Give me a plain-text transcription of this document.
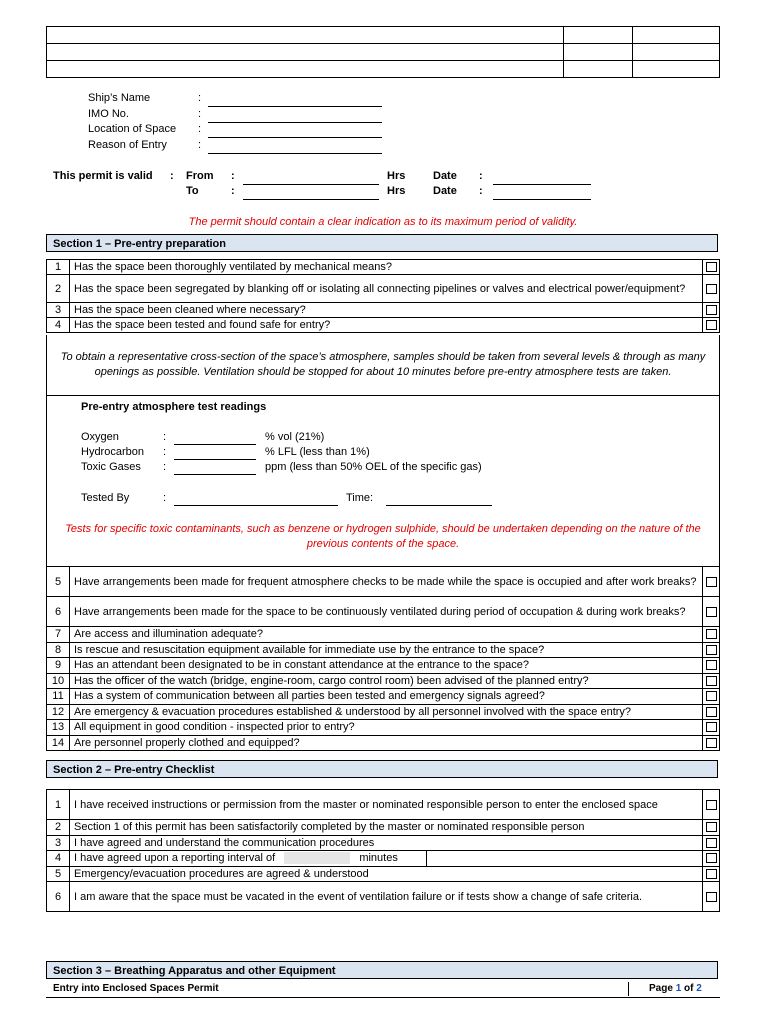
Ship’s Name	:
IMO No.	:
Location of Space :
Reason of Entry	:
This permit is valid : From :	Hrs	Date :
To	:	Hrs	Date :
The permit should contain a clear indication as to its maximum period of validity.
Section 1 – Pre-entry preparation
1	Has the space been thoroughly ventilated by mechanical means?	
2	Has the space been segregated by blanking off or isolating all connecting pipelines or valves and electrical power/equipment?	
3	Has the space been cleaned where necessary?	
4	Has the space been tested and found safe for entry?	
To obtain a representative cross-section of the space’s atmosphere, samples should be taken from several levels & through as many openings as possible. Ventilation should be stopped for about 10 minutes before pre-entry atmosphere tests are taken.
Pre-entry atmosphere test readings
Oxygen	:	% vol (21%)
Hydrocarbon :	% LFL (less than 1%)
Toxic Gases :	ppm (less than 50% OEL of the specific gas)
Tested By	:	Time:
Tests for specific toxic contaminants, such as benzene or hydrogen sulphide, should be undertaken depending on the nature of the previous contents of the space.
5	Have arrangements been made for frequent atmosphere checks to be made while the space is occupied and after work breaks?	
6	Have arrangements been made for the space to be continuously ventilated during period of occupation & during work breaks?	
7	Are access and illumination adequate?	
8	Is rescue and resuscitation equipment available for immediate use by the entrance to the space?	
9	Has an attendant been designated to be in constant attendance at the entrance to the space?	
10	Has the officer of the watch (bridge, engine-room, cargo control room) been advised of the planned entry?	
11	Has a system of communication between all parties been tested and emergency signals agreed?	
12	Are emergency & evacuation procedures established & understood by all personnel involved with the space entry?	
13	All equipment in good condition - inspected prior to entry?	
14	Are personnel properly clothed and equipped?	
Section 2 – Pre-entry Checklist
1	I have received instructions or permission from the master or nominated responsible person to enter the enclosed space	
2	Section 1 of this permit has been satisfactorily completed by the master or nominated responsible person	
3	I have agreed and understand the communication procedures	
4	I have agreed upon a reporting interval of minutes

5	Emergency/evacuation procedures are agreed & understood	
6	I am aware that the space must be vacated in the event of ventilation failure or if tests show a change of safe criteria.	
Section 3 – Breathing Apparatus and other Equipment
Entry into Enclosed Spaces Permit	Page 1 of 2
